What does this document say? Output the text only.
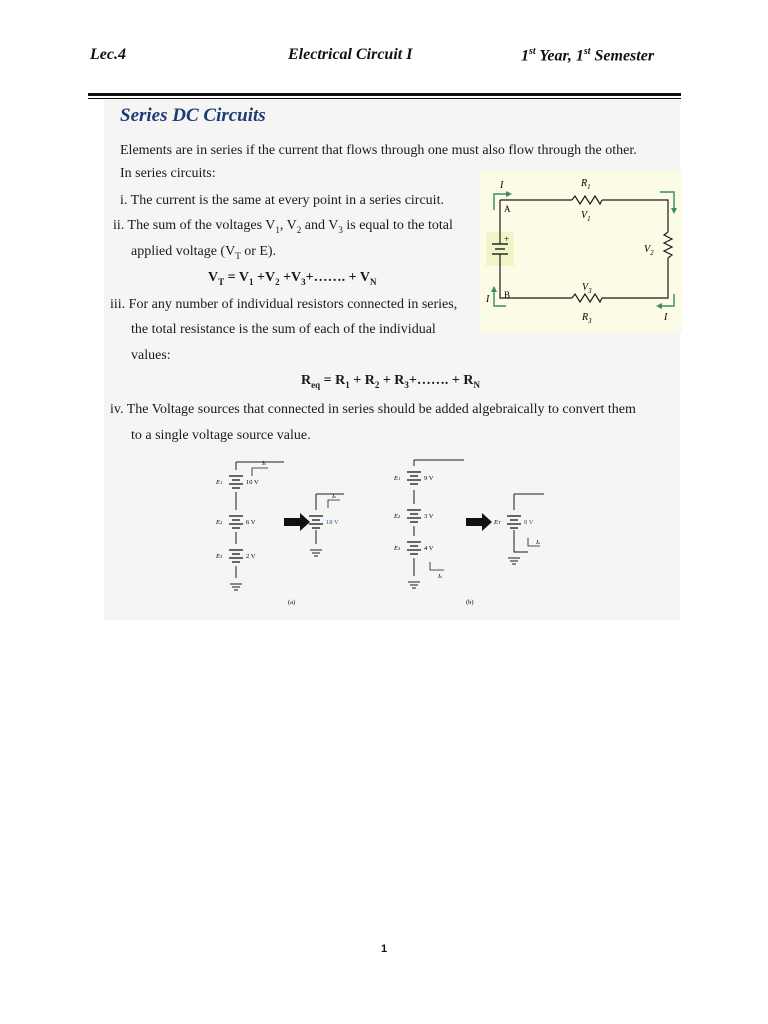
Lec.4	Electrical Circuit I	1st Year, 1st Semester
Series DC Circuits
Elements are in series if the current that flows through one must also flow through the other.
In series circuits:
i. The current is the same at every point in a series circuit.
ii. The sum of the voltages $V_1$, $V_2$ and $V_3$ is equal to the total
applied voltage ($V_T$ or E).
$V_T = V_1 +V_2$ $+V_3+\dots\dots$. + $V_N$
iii. For any number of individual resistors connected in series,
the total resistance is the sum of each of the individual
values:
$R_{eq} = R_1 + R_2$ + $R_3+\dots\dots$. + $R_N$
iv. The Voltage sources that connected in series should be added algebraically to convert them
to a single voltage source value.
+
I
I
I
A
B
$R_1$
$V_1$
$V_2$
$V_3$
$R_3$
E1	10 V
E2	6 V
E3	2 V
ET	18 V
Is
Is
(a)
E1	9 V
E2	3 V
E3	4 V
ET	8 V
Is
Is
(b)
1
